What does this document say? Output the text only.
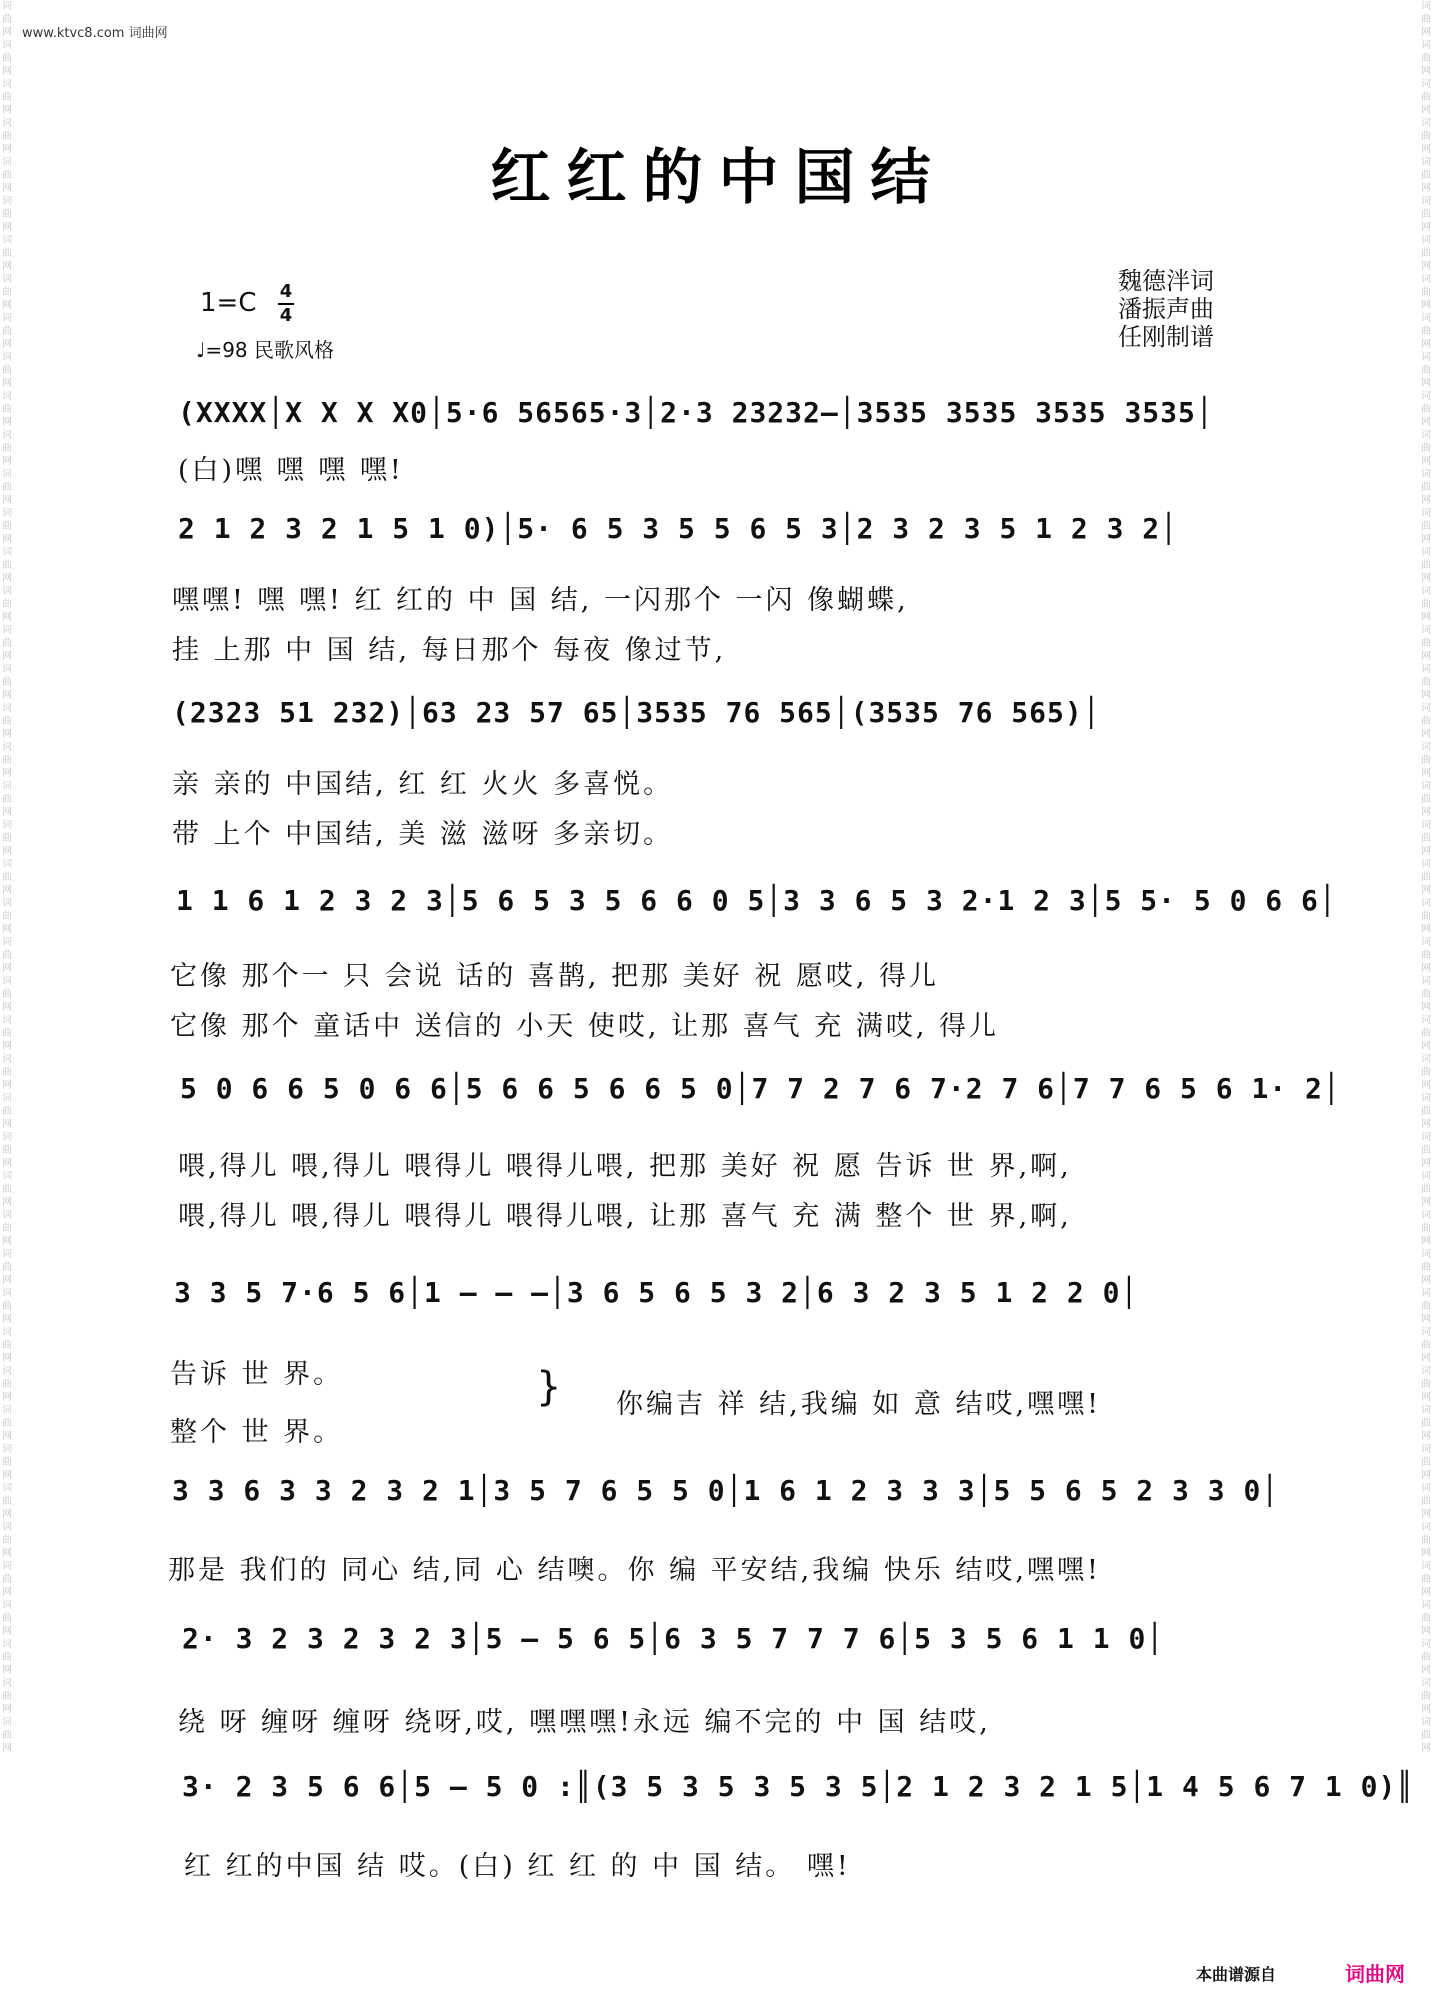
www.ktvc8.com 词曲网
词曲网词曲网词曲网词曲网词曲网词曲网词曲网词曲网词曲网词曲网词曲网词曲网词曲网词曲网词曲网词曲网词曲网词曲网词曲网词曲网词曲网词曲网词曲网词曲网词曲网词曲网词曲网词曲网词曲网词曲网词曲网词曲网词曲网词曲网词曲网词曲网词曲网词曲网词曲网词曲网词曲网词曲网词曲网词曲网词曲网
词曲网词曲网词曲网词曲网词曲网词曲网词曲网词曲网词曲网词曲网词曲网词曲网词曲网词曲网词曲网词曲网词曲网词曲网词曲网词曲网词曲网词曲网词曲网词曲网词曲网词曲网词曲网词曲网词曲网词曲网词曲网词曲网词曲网词曲网词曲网词曲网词曲网词曲网词曲网词曲网词曲网词曲网词曲网词曲网词曲网
红红的中国结
1=C 4
4
♩=98 民歌风格
魏德泮词
潘振声曲
任刚制谱
(XXXX│X X X X0│5·6 56565·3│2·3 23232–│3535 3535 3535 3535│
(白)嘿 嘿 嘿 嘿!
2 1 2 3 2 1 5 1 0)│5· 6 5 3 5 5 6 5 3│2 3 2 3 5 1 2 3 2│
嘿嘿! 嘿 嘿! 红 红的 中 国 结, 一闪那个 一闪 像蝴蝶,
挂 上那 中 国 结, 每日那个 每夜 像过节,
(2323 51 232)│63 23 57 65│3535 76 565│(3535 76 565)│
亲 亲的 中国结, 红 红 火火 多喜悦。
带 上个 中国结, 美 滋 滋呀 多亲切。
1 1 6 1 2 3 2 3│5 6 5 3 5 6 6 0 5│3 3 6 5 3 2·1 2 3│5 5· 5 0 6 6│
它像 那个一 只 会说 话的 喜鹊, 把那 美好 祝 愿哎, 得儿
它像 那个 童话中 送信的 小天 使哎, 让那 喜气 充 满哎, 得儿
5 0 6 6 5 0 6 6│5 6 6 5 6 6 5 0│7 7 2 7 6 7·2 7 6│7 7 6 5 6 1· 2│
喂,得儿 喂,得儿 喂得儿 喂得儿喂, 把那 美好 祝 愿 告诉 世 界,啊,
喂,得儿 喂,得儿 喂得儿 喂得儿喂, 让那 喜气 充 满 整个 世 界,啊,
3 3 5 7·6 5 6│1 – – –│3 6 5 6 5 3 2│6 3 2 3 5 1 2 2 0│
告诉 世 界。
整个 世 界。
} 你编吉 祥 结,我编 如 意 结哎,嘿嘿!
3 3 6 3 3 2 3 2 1│3 5 7 6 5 5 0│1 6 1 2 3 3 3│5 5 6 5 2 3 3 0│
那是 我们的 同心 结,同 心 结噢。你 编 平安结,我编 快乐 结哎,嘿嘿!
2· 3 2 3 2 3 2 3│5 – 5 6 5│6 3 5 7 7 7 6│5 3 5 6 1 1 0│
绕 呀 缠呀 缠呀 绕呀,哎, 嘿嘿嘿!永远 编不完的 中 国 结哎,
3· 2 3 5 6 6│5 – 5 0 :║(3 5 3 5 3 5 3 5│2 1 2 3 2 1 5│1 4 5 6 7 1 0)║
红 红的中国 结 哎。(白) 红 红 的 中 国 结。 嘿!
本曲谱源自	词曲网
